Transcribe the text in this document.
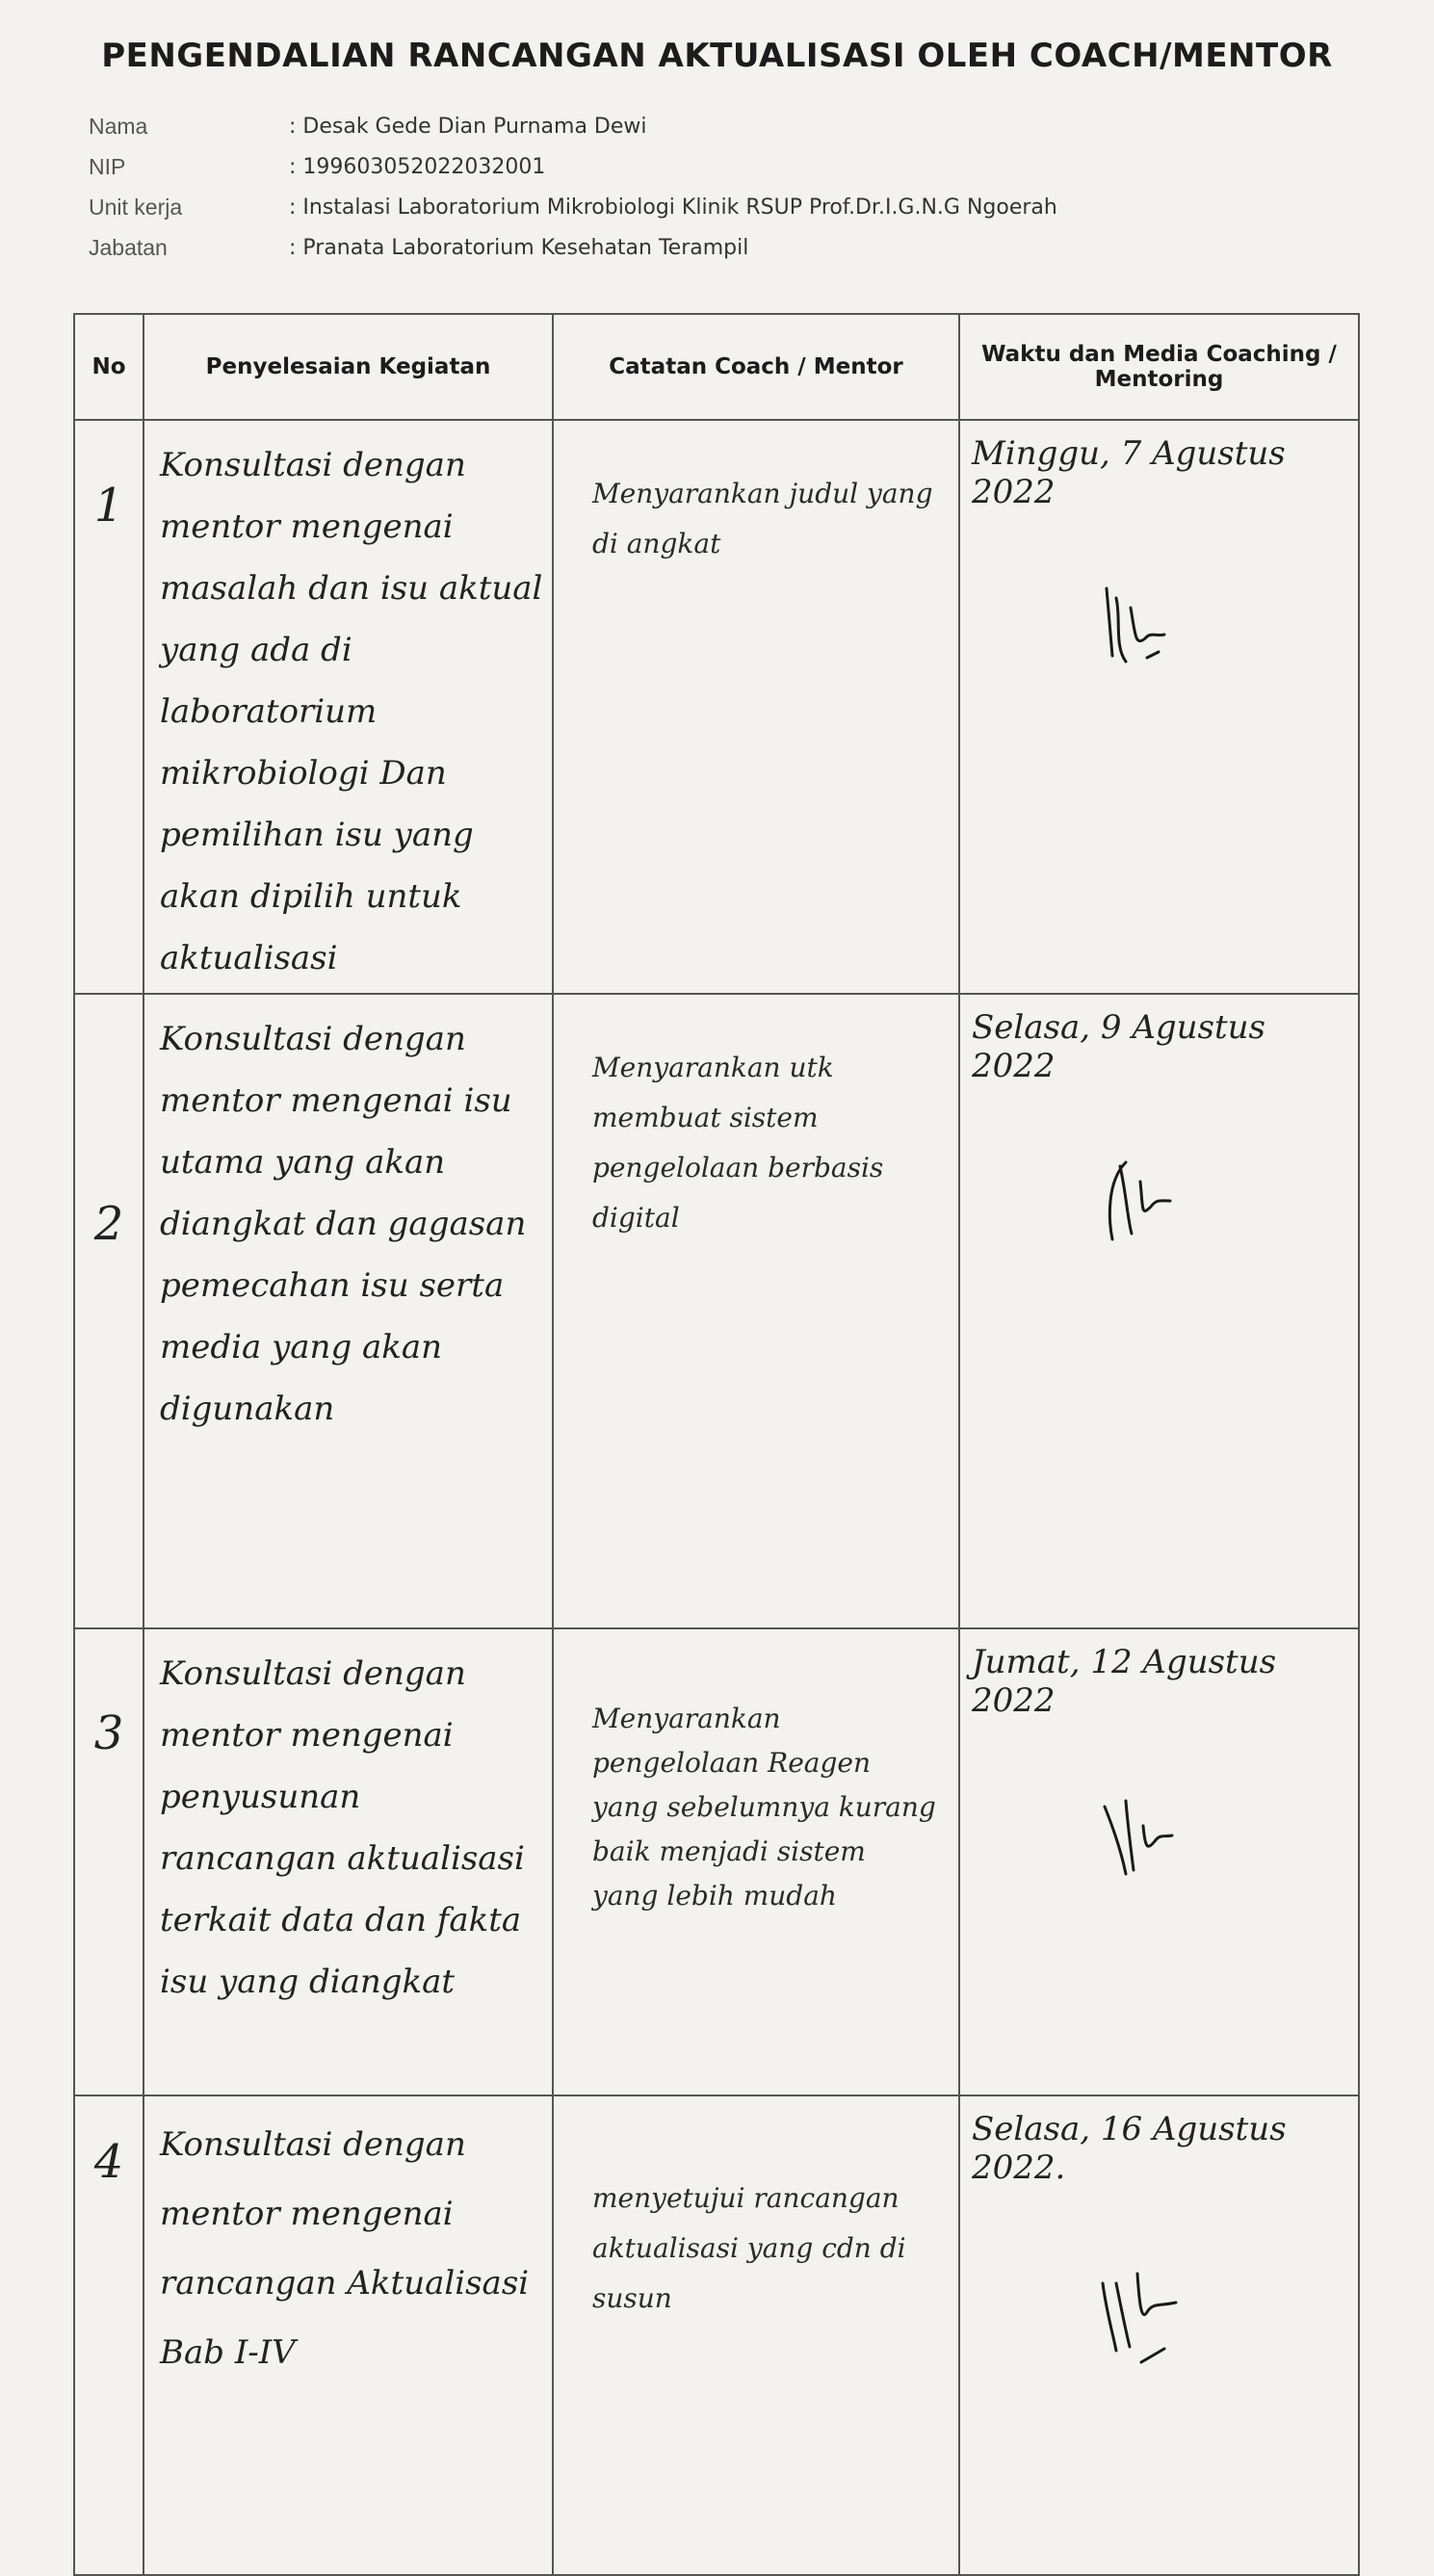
PENGENDALIAN RANCANGAN AKTUALISASI OLEH COACH/MENTOR
Nama	: Desak Gede Dian Purnama Dewi
NIP	: 199603052022032001
Unit kerja	: Instalasi Laboratorium Mikrobiologi Klinik RSUP Prof.Dr.I.G.N.G Ngoerah
Jabatan	: Pranata Laboratorium Kesehatan Terampil
No	Penyelesaian Kegiatan	Catatan Coach / Mentor	Waktu dan Media Coaching / Mentoring
1	Konsultasi dengan mentor mengenai masalah dan isu aktual yang ada di laboratorium mikrobiologi Dan pemilihan isu yang akan dipilih untuk aktualisasi	Menyarankan judul yang di angkat	Minggu, 7 Agustus 2022

2	Konsultasi dengan mentor mengenai isu utama yang akan diangkat dan gagasan pemecahan isu serta media yang akan digunakan	Menyarankan utk membuat sistem pengelolaan berbasis digital	Selasa, 9 Agustus 2022

3	Konsultasi dengan mentor mengenai penyusunan rancangan aktualisasi terkait data dan fakta isu yang diangkat	Menyarankan pengelolaan Reagen yang sebelumnya kurang baik menjadi sistem yang lebih mudah	Jumat, 12 Agustus 2022

4	Konsultasi dengan mentor mengenai rancangan Aktualisasi Bab I-IV	menyetujui rancangan aktualisasi yang cdn di susun	Selasa, 16 Agustus 2022.
